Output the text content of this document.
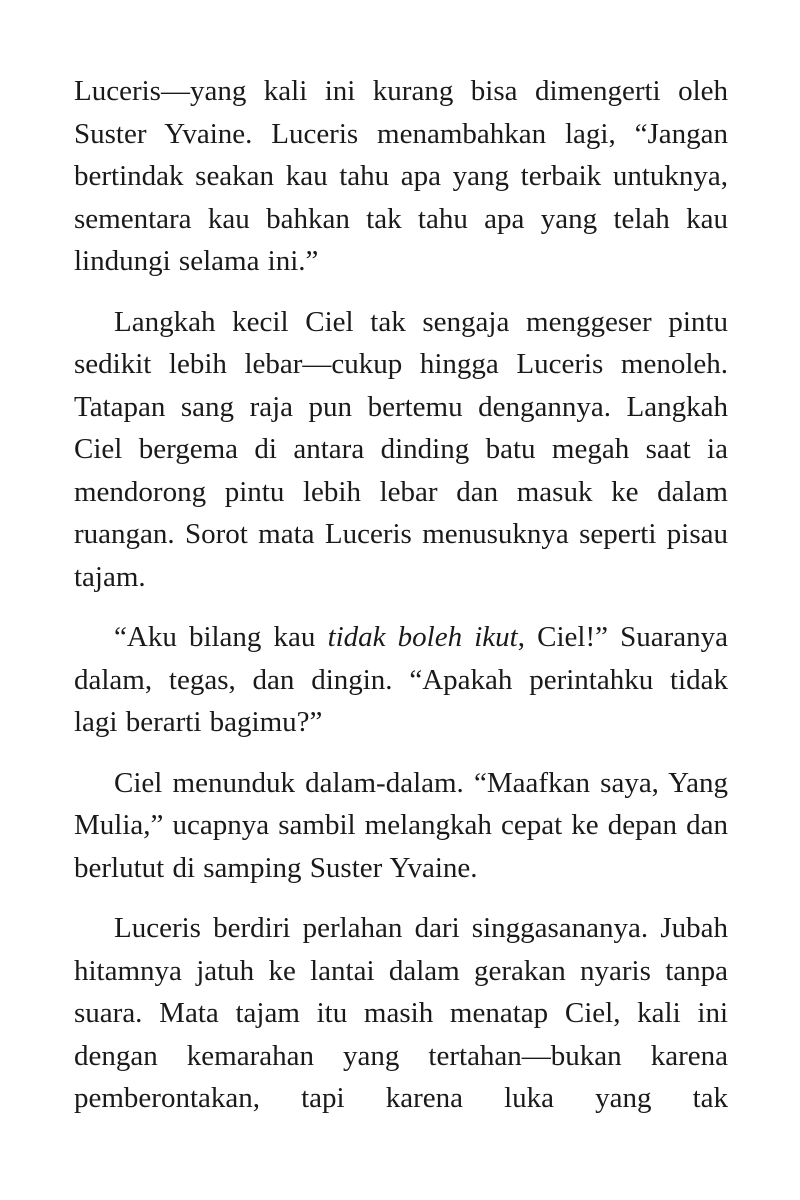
Luceris—yang kali ini kurang bisa dimengerti oleh Suster Yvaine. Luceris menambahkan lagi, “Jangan bertindak seakan kau tahu apa yang terbaik untuknya, sementara kau bahkan tak tahu apa yang telah kau lindungi selama ini.”

Langkah kecil Ciel tak sengaja menggeser pintu sedikit lebih lebar—cukup hingga Luceris menoleh. Tatapan sang raja pun bertemu dengannya. Langkah Ciel bergema di antara dinding batu megah saat ia mendorong pintu lebih lebar dan masuk ke dalam ruangan. Sorot mata Luceris menusuknya seperti pisau tajam.

“Aku bilang kau tidak boleh ikut, Ciel!” Suaranya dalam, tegas, dan dingin. “Apakah perintahku tidak lagi berarti bagimu?”

Ciel menunduk dalam-dalam. “Maafkan saya, Yang Mulia,” ucapnya sambil melangkah cepat ke depan dan berlutut di samping Suster Yvaine.

Luceris berdiri perlahan dari singgasananya. Jubah hitamnya jatuh ke lantai dalam gerakan nyaris tanpa suara. Mata tajam itu masih menatap Ciel, kali ini dengan kemarahan yang tertahan—bukan karena pemberontakan, tapi karena luka yang tak
